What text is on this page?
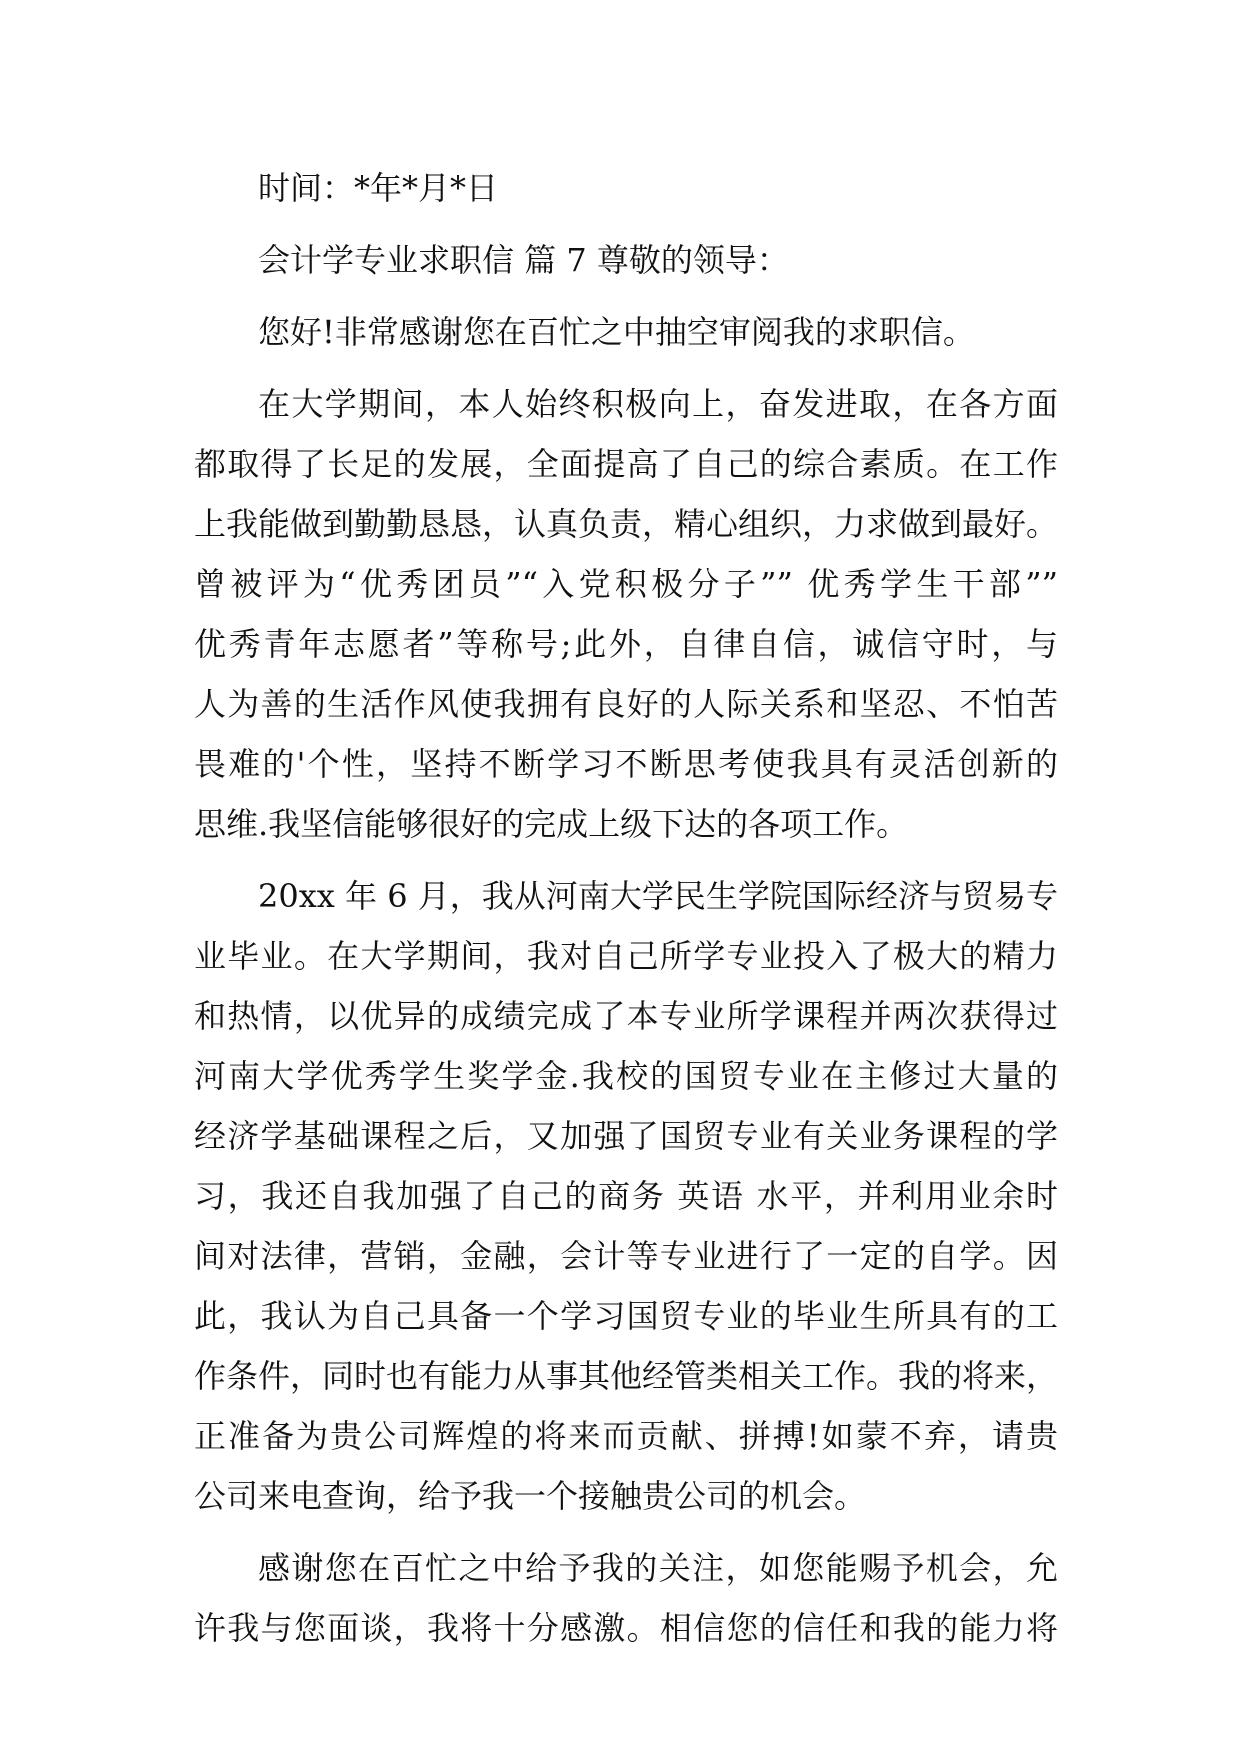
时间：*年*月*日
会计学专业求职信 篇 7 尊敬的领导：
您好!非常感谢您在百忙之中抽空审阅我的求职信。
在大学期间，本人始终积极向上，奋发进取，在各方面
都取得了长足的发展，全面提高了自己的综合素质。在工作
上我能做到勤勤恳恳，认真负责，精心组织，力求做到最好。
曾被评为“优秀团员”“入党积极分子”” 优秀学生干部””
优秀青年志愿者”等称号;此外，自律自信，诚信守时，与
人为善的生活作风使我拥有良好的人际关系和坚忍、不怕苦
畏难的'个性，坚持不断学习不断思考使我具有灵活创新的
思维.我坚信能够很好的完成上级下达的各项工作。
20xx 年 6 月，我从河南大学民生学院国际经济与贸易专
业毕业。在大学期间，我对自己所学专业投入了极大的精力
和热情，以优异的成绩完成了本专业所学课程并两次获得过
河南大学优秀学生奖学金.我校的国贸专业在主修过大量的
经济学基础课程之后，又加强了国贸专业有关业务课程的学
习，我还自我加强了自己的商务 英语 水平，并利用业余时
间对法律，营销，金融，会计等专业进行了一定的自学。因
此，我认为自己具备一个学习国贸专业的毕业生所具有的工
作条件，同时也有能力从事其他经管类相关工作。我的将来，
正准备为贵公司辉煌的将来而贡献、拼搏!如蒙不弃，请贵
公司来电查询，给予我一个接触贵公司的机会。
感谢您在百忙之中给予我的关注，如您能赐予机会，允
许我与您面谈，我将十分感激。相信您的信任和我的能力将
